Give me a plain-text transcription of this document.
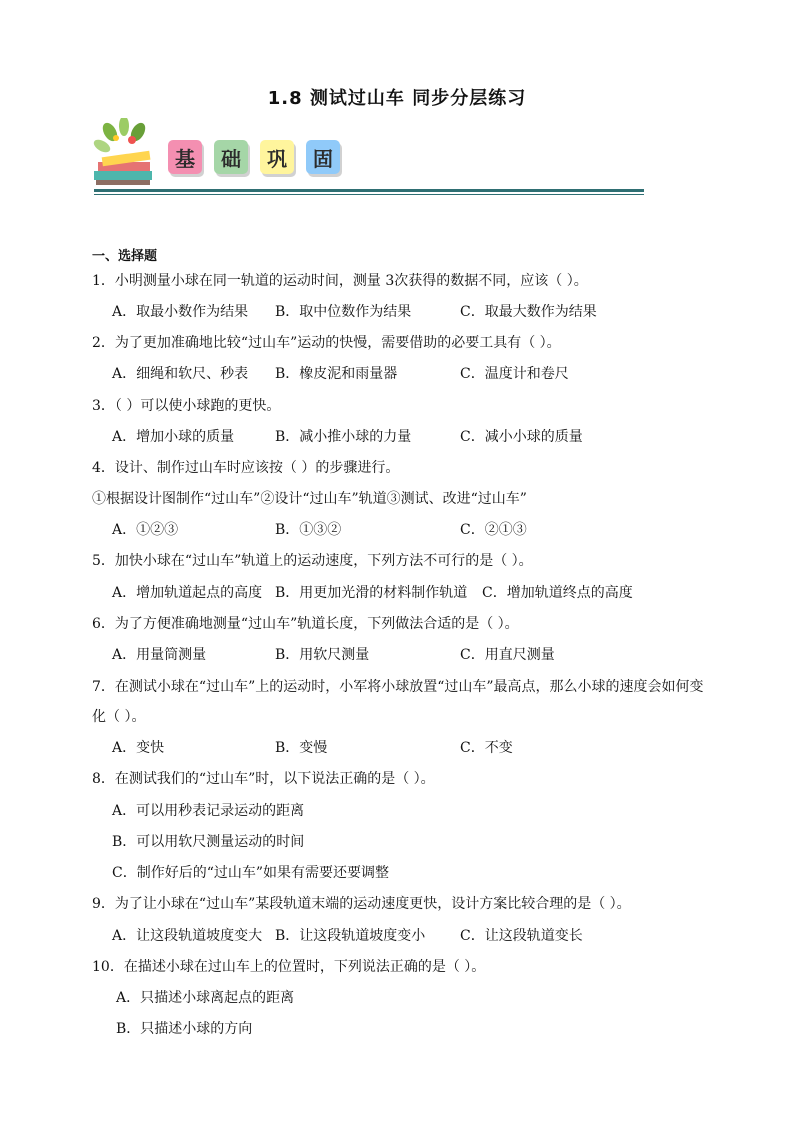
1.8 测试过山车 同步分层练习
基	础	巩	固
一、选择题
1．小明测量小球在同一轨道的运动时间，测量 3次获得的数据不同，应该（ ）。
A．取最小数作为结果 B．取中位数作为结果	C．取最大数作为结果
2．为了更加准确地比较“过山车”运动的快慢，需要借助的必要工具有（ ）。
A．细绳和软尺、秒表 B．橡皮泥和雨量器	C．温度计和卷尺
3．（ ）可以使小球跑的更快。
A．增加小球的质量	B．减小推小球的力量	C．减小小球的质量
4．设计、制作过山车时应该按（ ）的步骤进行。
①根据设计图制作“过山车”②设计“过山车”轨道③测试、改进“过山车”
A．①②③	B．①③②	C．②①③
5．加快小球在“过山车”轨道上的运动速度，下列方法不可行的是（ ）。
A．增加轨道起点的高度 B．用更加光滑的材料制作轨道 C．增加轨道终点的高度
6．为了方便准确地测量“过山车”轨道长度，下列做法合适的是（ ）。
A．用量筒测量	B．用软尺测量	C．用直尺测量
7．在测试小球在“过山车”上的运动时，小军将小球放置“过山车”最高点，那么小球的速度会如何变
化（ ）。
A．变快	B．变慢	C．不变
8．在测试我们的“过山车”时，以下说法正确的是（ ）。
A．可以用秒表记录运动的距离
B．可以用软尺测量运动的时间
C．制作好后的“过山车”如果有需要还要调整
9．为了让小球在“过山车”某段轨道末端的运动速度更快，设计方案比较合理的是（ ）。
A．让这段轨道坡度变大 B．让这段轨道坡度变小 C．让这段轨道变长
10．在描述小球在过山车上的位置时，下列说法正确的是（ ）。
A．只描述小球离起点的距离
B．只描述小球的方向
